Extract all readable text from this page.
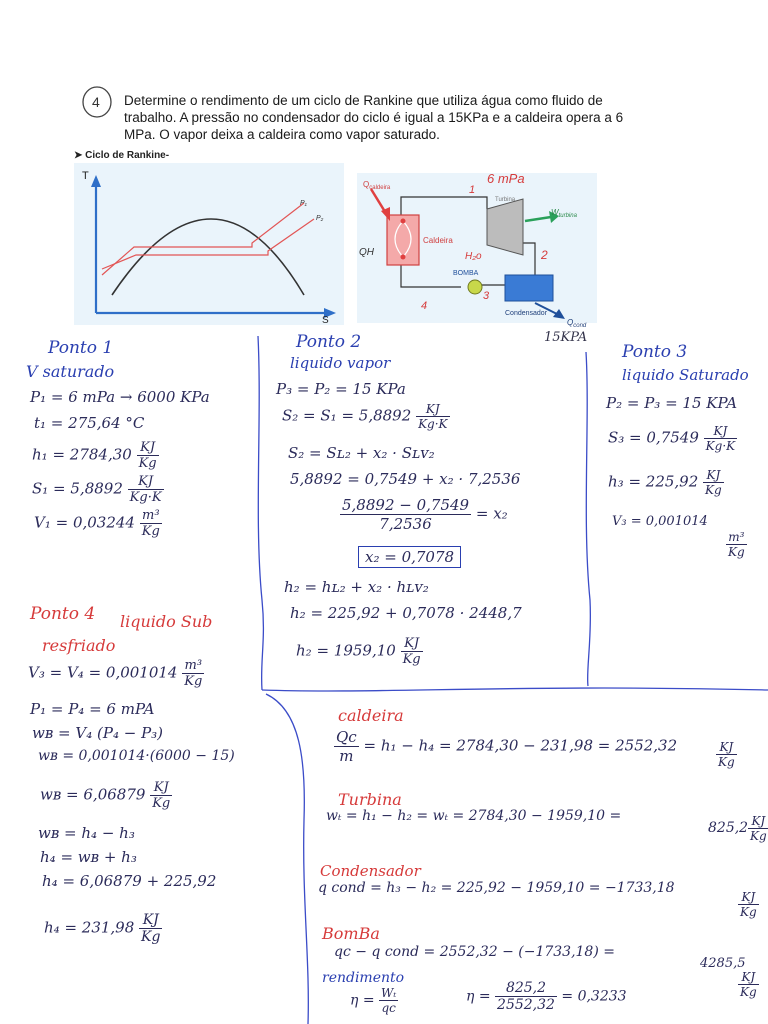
4 Determine o rendimento de um ciclo de Rankine que utiliza água como fluido de
trabalho. A pressão no condensador do ciclo é igual a 15KPa e a caldeira opera a 6
MPa. O vapor deixa a caldeira como vapor saturado.
➤ Ciclo de Rankine-
T
S
P₁
P₂
$Q_{caldeira}$
Caldeira
Turbina
$W_{turbina}$
BOMBA
Condensador
$Q_{cond}$
6 mPa
QH	H₂o
1
2
3
4
15KPA
Ponto 1
V saturado
P₁ = 6 mPa → 6000 KPa
t₁ = 275,64 °C
$h_1 = 2784,30 \frac{KJ}{Kg}$
$S_1 = 5,8892 \frac{KJ}{Kg\cdot K}$
$V_1 = 0,03244 \frac{\text{m³}}{Kg}$
Ponto 2
liquido vapor
P₃ = P₂ = 15 KPa
$S_2 = S_1 = 5,8892 \frac{KJ}{Kg\cdot K}$
S₂ = Sʟ₂ + x₂ · Sʟᴠ₂
5,8892 = 0,7549 + x₂ · 7,2536
$\frac{5,8892 - 0,7549}{7,2536} = x_2$
x₂ = 0,7078
h₂ = hʟ₂ + x₂ · hʟᴠ₂
h₂ = 225,92 + 0,7078 · 2448,7
$h_2 = 1959,10 \frac{KJ}{Kg}$
Ponto 3
liquido Saturado
P₂ = P₃ = 15 KPA
$S_3 = 0,7549 \frac{KJ}{Kg\cdot K}$
$h_3 = 225,92 \frac{KJ}{Kg}$
V₃ = 0,001014
$\frac{\text{m³}}{Kg}$
Ponto 4 liquido Sub
resfriado
$V_3 = V_4 = 0,001014 \frac{\text{m³}}{Kg}$
P₁ = P₄ = 6 mPA
wʙ = V₄ (P₄ − P₃)
wʙ = 0,001014·(6000 − 15)
wʙ = $6,06879 \frac{KJ}{Kg}$
wʙ = h₄ − h₃
h₄ = wʙ + h₃
h₄ = 6,06879 + 225,92
$h_4 = 231,98 \frac{KJ}{Kg}$
caldeira
$\frac{Qc}{m} = h_1 - h_4 = 2784,30 - 231,98 = 2552,32$	$\frac{KJ}{Kg}$
Turbina
wₜ = h₁ − h₂ = wₜ = 2784,30 − 1959,10 =
$825,2 \frac{KJ}{Kg}$
Condensador
q cond = h₃ − h₂ = 225,92 − 1959,10 = −1733,18
$\frac{KJ}{Kg}$
BomBa
qc − q cond = 2552,32 − (−1733,18) =
4285,5
$\frac{KJ}{Kg}$
rendimento
$\eta = \frac{\text{Wₜ}}{qc}$	$\eta = \frac{825,2}{2552,32} = 0,3233$
